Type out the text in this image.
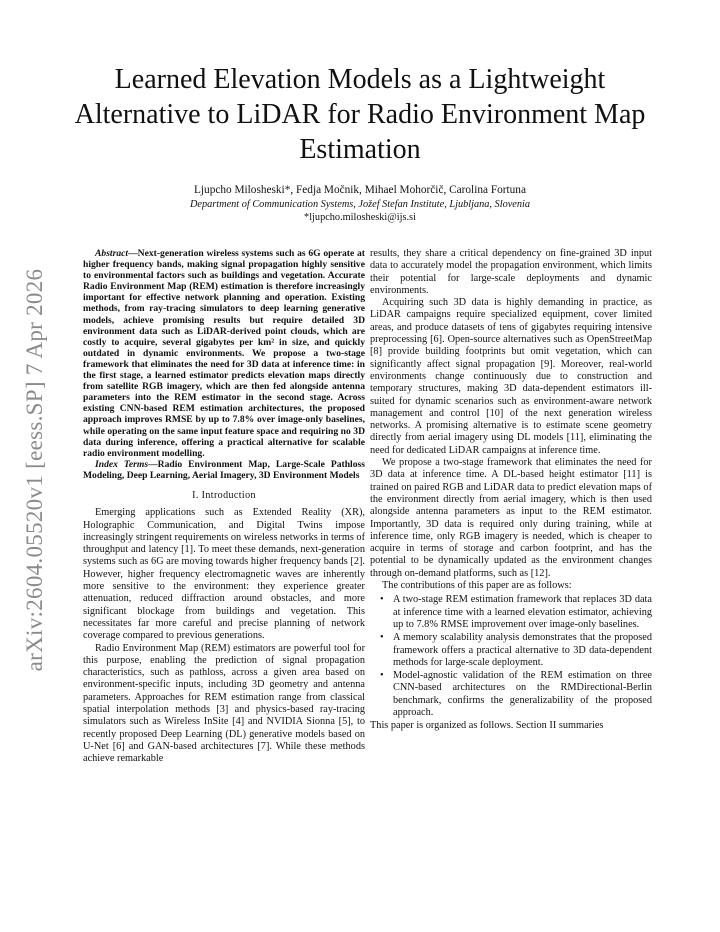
arXiv:2604.05520v1 [eess.SP] 7 Apr 2026
Learned Elevation Models as a Lightweight Alternative to LiDAR for Radio Environment Map Estimation
Ljupcho Milosheski*, Fedja Močnik, Mihael Mohorčič, Carolina Fortuna
Department of Communication Systems, Jožef Stefan Institute, Ljubljana, Slovenia
*ljupcho.milosheski@ijs.si

Abstract—Next-generation wireless systems such as 6G operate at higher frequency bands, making signal propagation highly sensitive to environmental factors such as buildings and vegetation. Accurate Radio Environment Map (REM) estimation is therefore increasingly important for effective network planning and operation. Existing methods, from ray-tracing simulators to deep learning generative models, achieve promising results but require detailed 3D environment data such as LiDAR-derived point clouds, which are costly to acquire, several gigabytes per km² in size, and quickly outdated in dynamic environments. We propose a two-stage framework that eliminates the need for 3D data at inference time: in the first stage, a learned estimator predicts elevation maps directly from satellite RGB imagery, which are then fed alongside antenna parameters into the REM estimator in the second stage. Across existing CNN-based REM estimation architectures, the proposed approach improves RMSE by up to 7.8% over image-only baselines, while operating on the same input feature space and requiring no 3D data during inference, offering a practical alternative for scalable radio environment modelling.

Index Terms—Radio Environment Map, Large-Scale Pathloss Modeling, Deep Learning, Aerial Imagery, 3D Environment Models

I. Introduction

Emerging applications such as Extended Reality (XR), Holographic Communication, and Digital Twins impose increasingly stringent requirements on wireless networks in terms of throughput and latency [1]. To meet these demands, next-generation systems such as 6G are moving towards higher frequency bands [2]. However, higher frequency electromagnetic waves are inherently more sensitive to the environment: they experience greater attenuation, reduced diffraction around obstacles, and more significant blockage from buildings and vegetation. This necessitates far more careful and precise planning of network coverage compared to previous generations.

Radio Environment Map (REM) estimators are powerful tool for this purpose, enabling the prediction of signal propagation characteristics, such as pathloss, across a given area based on environment-specific inputs, including 3D geometry and antenna parameters. Approaches for REM estimation range from classical spatial interpolation methods [3] and physics-based ray-tracing simulators such as Wireless InSite [4] and NVIDIA Sionna [5], to recently proposed Deep Learning (DL) generative models based on U-Net [6] and GAN-based architectures [7]. While these methods achieve remarkable

results, they share a critical dependency on fine-grained 3D input data to accurately model the propagation environment, which limits their potential for large-scale deployments and dynamic environments.

Acquiring such 3D data is highly demanding in practice, as LiDAR campaigns require specialized equipment, cover limited areas, and produce datasets of tens of gigabytes requiring intensive preprocessing [6]. Open-source alternatives such as OpenStreetMap [8] provide building footprints but omit vegetation, which can significantly affect signal propagation [9]. Moreover, real-world environments change continuously due to construction and temporary structures, making 3D data-dependent estimators ill-suited for dynamic scenarios such as environment-aware network management and control [10] of the next generation wireless networks. A promising alternative is to estimate scene geometry directly from aerial imagery using DL models [11], eliminating the need for dedicated LiDAR campaigns at inference time.

We propose a two-stage framework that eliminates the need for 3D data at inference time. A DL-based height estimator [11] is trained on paired RGB and LiDAR data to predict elevation maps of the environment directly from aerial imagery, which is then used alongside antenna parameters as input to the REM estimator. Importantly, 3D data is required only during training, while at inference time, only RGB imagery is needed, which is cheaper to acquire in terms of storage and carbon footprint, and has the potential to be dynamically updated as the environment changes through on-demand platforms, such as [12].

The contributions of this paper are as follows:

• A two-stage REM estimation framework that replaces 3D data at inference time with a learned elevation estimator, achieving up to 7.8% RMSE improvement over image-only baselines.
• A memory scalability analysis demonstrates that the proposed framework offers a practical alternative to 3D data-dependent methods for large-scale deployment.
• Model-agnostic validation of the REM estimation on three CNN-based architectures on the RMDirectional-Berlin benchmark, confirms the generalizability of the proposed approach.

This paper is organized as follows. Section II summaries
